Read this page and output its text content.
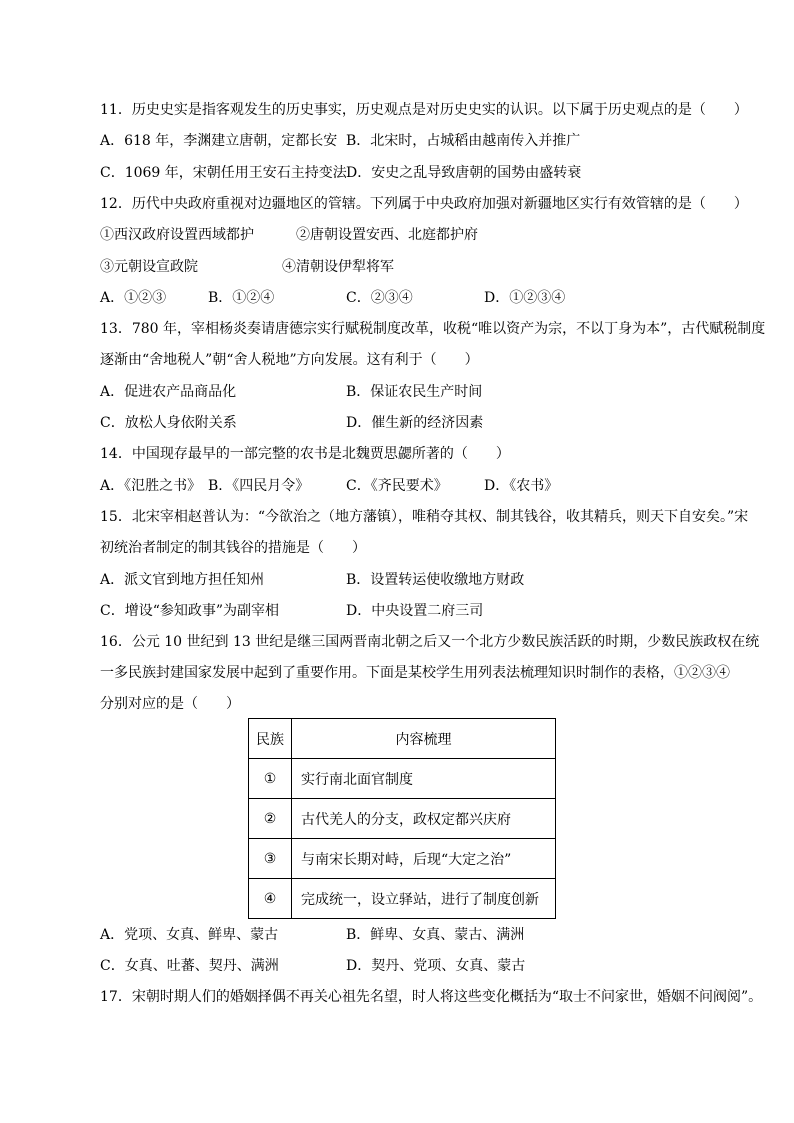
11．历史史实是指客观发生的历史事实，历史观点是对历史史实的认识。以下属于历史观点的是（　　）
A．618 年，李渊建立唐朝，定都长安 B．北宋时，占城稻由越南传入并推广
C．1069 年，宋朝任用王安石主持变法 D．安史之乱导致唐朝的国势由盛转衰
12．历代中央政府重视对边疆地区的管辖。下列属于中央政府加强对新疆地区实行有效管辖的是（　　）
①西汉政府设置西域都护	②唐朝设置安西、北庭都护府
③元朝设宣政院	④清朝设伊犁将军
A．①②③	B．①②④	C．②③④	D．①②③④
13．780 年，宰相杨炎奏请唐德宗实行赋税制度改革，收税“唯以资产为宗，不以丁身为本”，古代赋税制度
逐渐由“舍地税人”朝“舍人税地”方向发展。这有利于（　　）
A．促进农产品商品化	B．保证农民生产时间
C．放松人身依附关系	D．催生新的经济因素
14．中国现存最早的一部完整的农书是北魏贾思勰所著的（　　）
A．《氾胜之书》 B．《四民月令》	C．《齐民要术》	D．《农书》
15．北宋宰相赵普认为：“今欲治之（地方藩镇），唯稍夺其权、制其钱谷，收其精兵，则天下自安矣。”宋
初统治者制定的制其钱谷的措施是（　　）
A．派文官到地方担任知州	B．设置转运使收缴地方财政
C．增设“参知政事”为副宰相	D．中央设置二府三司
16．公元 10 世纪到 13 世纪是继三国两晋南北朝之后又一个北方少数民族活跃的时期，少数民族政权在统
一多民族封建国家发展中起到了重要作用。下面是某校学生用列表法梳理知识时制作的表格，①②③④
分别对应的是（　　）
民族	内容梳理
①	实行南北面官制度
②	古代羌人的分支，政权定都兴庆府
③	与南宋长期对峙，后现“大定之治”
④	完成统一，设立驿站，进行了制度创新
A．党项、女真、鲜卑、蒙古	B．鲜卑、女真、蒙古、满洲
C．女真、吐蕃、契丹、满洲	D．契丹、党项、女真、蒙古
17．宋朝时期人们的婚姻择偶不再关心祖先名望，时人将这些变化概括为“取士不问家世，婚姻不问阀阅”。
